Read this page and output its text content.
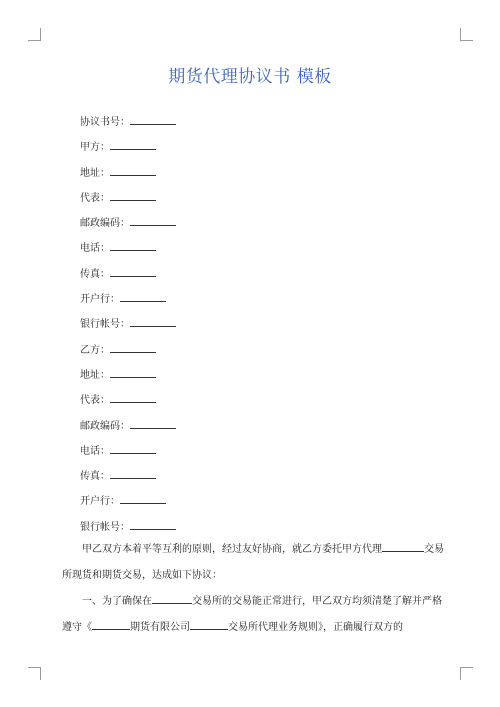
期货代理协议书 模板
协议书号：
甲方：
地址：
代表：
邮政编码：
电话：
传真：
开户行：
银行帐号：
乙方：
地址：
代表：
邮政编码：
电话：
传真：
开户行：
银行帐号：

甲乙双方本着平等互利的原则，经过友好协商，就乙方委托甲方代理	交易所现货和期货交易，达成如下协议：

一、为了确保在	交易所的交易能正常进行，甲乙双方均须清楚了解并严格遵守《	期货有限公司	交易所代理业务规则》，正确履行双方的
